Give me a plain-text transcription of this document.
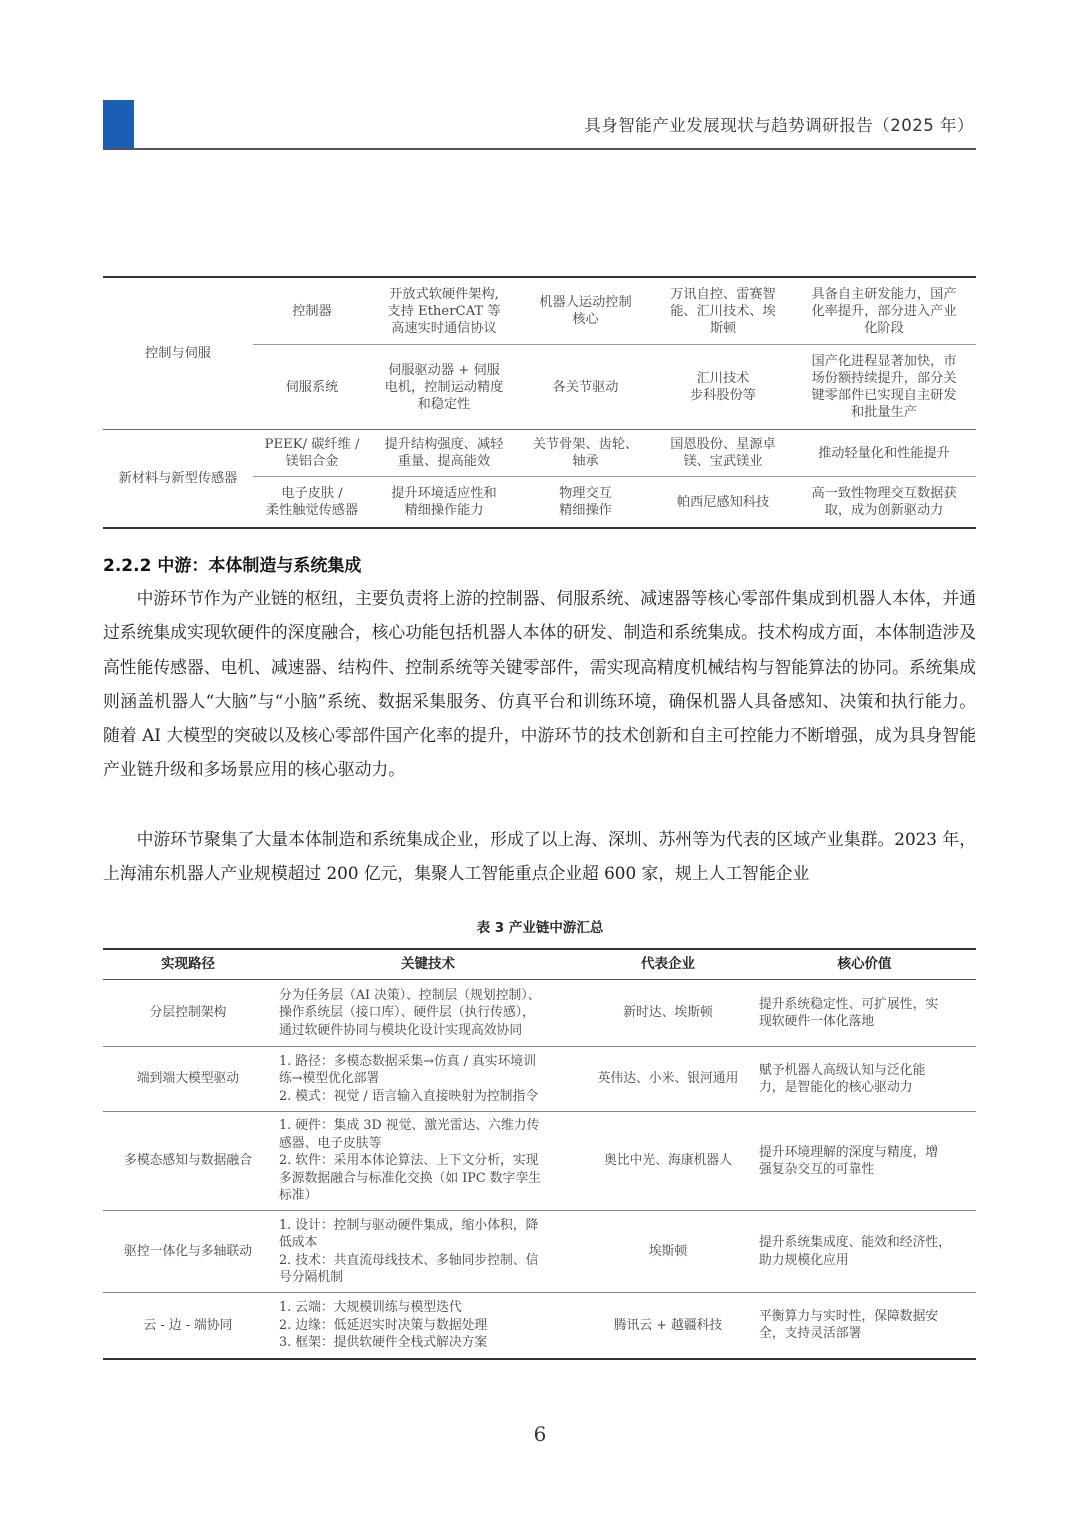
具身智能产业发展现状与趋势调研报告（2025 年）
控制与伺服	控制器	开放式软硬件架构,
支持 EtherCAT 等
高速实时通信协议	机器人运动控制
核心	万讯自控、雷赛智
能、汇川技术、埃
斯顿	具备自主研发能力，国产
化率提升，部分进入产业
化阶段

	伺服系统	伺服驱动器 + 伺服
电机，控制运动精度
和稳定性	各关节驱动	汇川技术
步科股份等	国产化进程显著加快，市
场份额持续提升，部分关
键零部件已实现自主研发
和批量生产

新材料与新型传感器	PEEK/ 碳纤维 /
镁铝合金	提升结构强度、减轻
重量、提高能效	关节骨架、齿轮、
轴承	国恩股份、星源卓
镁、宝武镁业	推动轻量化和性能提升

	电子皮肤 /
柔性触觉传感器	提升环境适应性和
精细操作能力	物理交互
精细操作	帕西尼感知科技	高一致性物理交互数据获
取，成为创新驱动力
2.2.2 中游：本体制造与系统集成

中游环节作为产业链的枢纽，主要负责将上游的控制器、伺服系统、减速器等核心零部件集成到机器人本体，并通过系统集成实现软硬件的深度融合，核心功能包括机器人本体的研发、制造和系统集成。技术构成方面，本体制造涉及高性能传感器、电机、减速器、结构件、控制系统等关键零部件，需实现高精度机械结构与智能算法的协同。系统集成则涵盖机器人“大脑”与“小脑”系统、数据采集服务、仿真平台和训练环境，确保机器人具备感知、决策和执行能力。随着 AI 大模型的突破以及核心零部件国产化率的提升，中游环节的技术创新和自主可控能力不断增强，成为具身智能产业链升级和多场景应用的核心驱动力。

中游环节聚集了大量本体制造和系统集成企业，形成了以上海、深圳、苏州等为代表的区域产业集群。2023 年，上海浦东机器人产业规模超过 200 亿元，集聚人工智能重点企业超 600 家，规上人工智能企业

表 3 产业链中游汇总
实现路径	关键技术	代表企业	核心价值
分层控制架构	分为任务层（AI 决策）、控制层（规划控制）、
操作系统层（接口库）、硬件层（执行传感），
通过软硬件协同与模块化设计实现高效协同	新时达、埃斯顿	提升系统稳定性、可扩展性，实
现软硬件一体化落地

端到端大模型驱动	1. 路径：多模态数据采集→仿真 / 真实环境训
练→模型优化部署
2. 模式：视觉 / 语言输入直接映射为控制指令	英伟达、小米、银河通用	赋予机器人高级认知与泛化能
力，是智能化的核心驱动力

多模态感知与数据融合	1. 硬件：集成 3D 视觉、激光雷达、六维力传
感器、电子皮肤等
2. 软件：采用本体论算法、上下文分析，实现
多源数据融合与标准化交换（如 IPC 数字孪生
标准）	奥比中光、海康机器人	提升环境理解的深度与精度，增
强复杂交互的可靠性

驱控一体化与多轴联动	1. 设计：控制与驱动硬件集成，缩小体积，降
低成本
2. 技术：共直流母线技术、多轴同步控制、信
号分隔机制	埃斯顿	提升系统集成度、能效和经济性，
助力规模化应用

云 - 边 - 端协同	1. 云端：大规模训练与模型迭代
2. 边缘：低延迟实时决策与数据处理
3. 框架：提供软硬件全栈式解决方案	腾讯云 + 越疆科技	平衡算力与实时性，保障数据安
全，支持灵活部署
6
